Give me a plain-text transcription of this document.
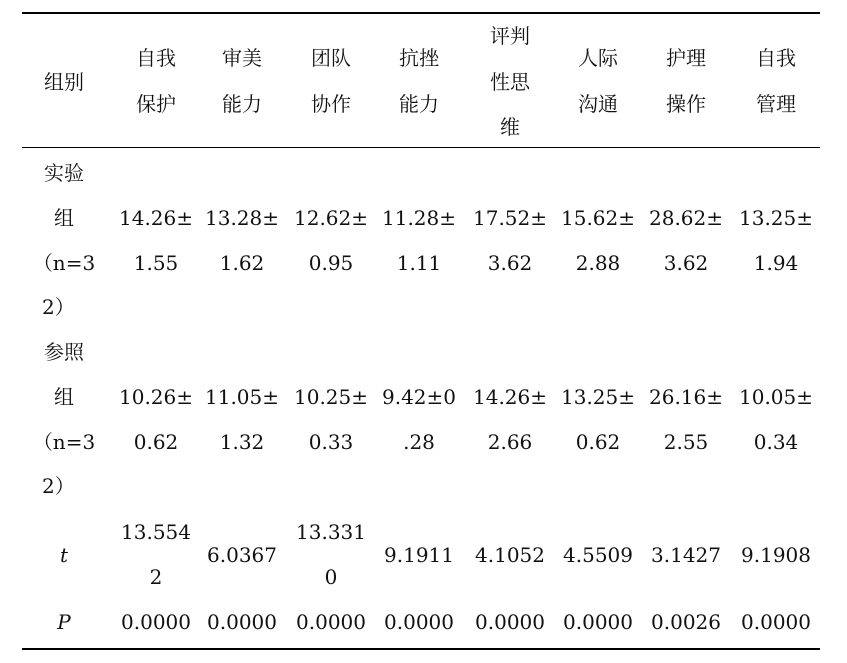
组别
自我
保护
审美
能力
团队
协作
抗挫
能力
评判
性思
维
人际
沟通
护理
操作
自我
管理
实验
组
（n=3
2）
14.26±
1.55
13.28±
1.62
12.62±
0.95
11.28±
1.11
17.52±
3.62
15.62±
2.88
28.62±
3.62
13.25±
1.94
参照
组
（n=3
2）
10.26±
0.62
11.05±
1.32
10.25±
0.33
9.42±0
.28
14.26±
2.66
13.25±
0.62
26.16±
2.55
10.05±
0.34
t
13.554
2
6.0367
13.331
0
9.1911 4.1052 4.5509 3.1427 9.1908
P	0.0000 0.0000 0.0000 0.0000 0.0000 0.0000 0.0026 0.0000
